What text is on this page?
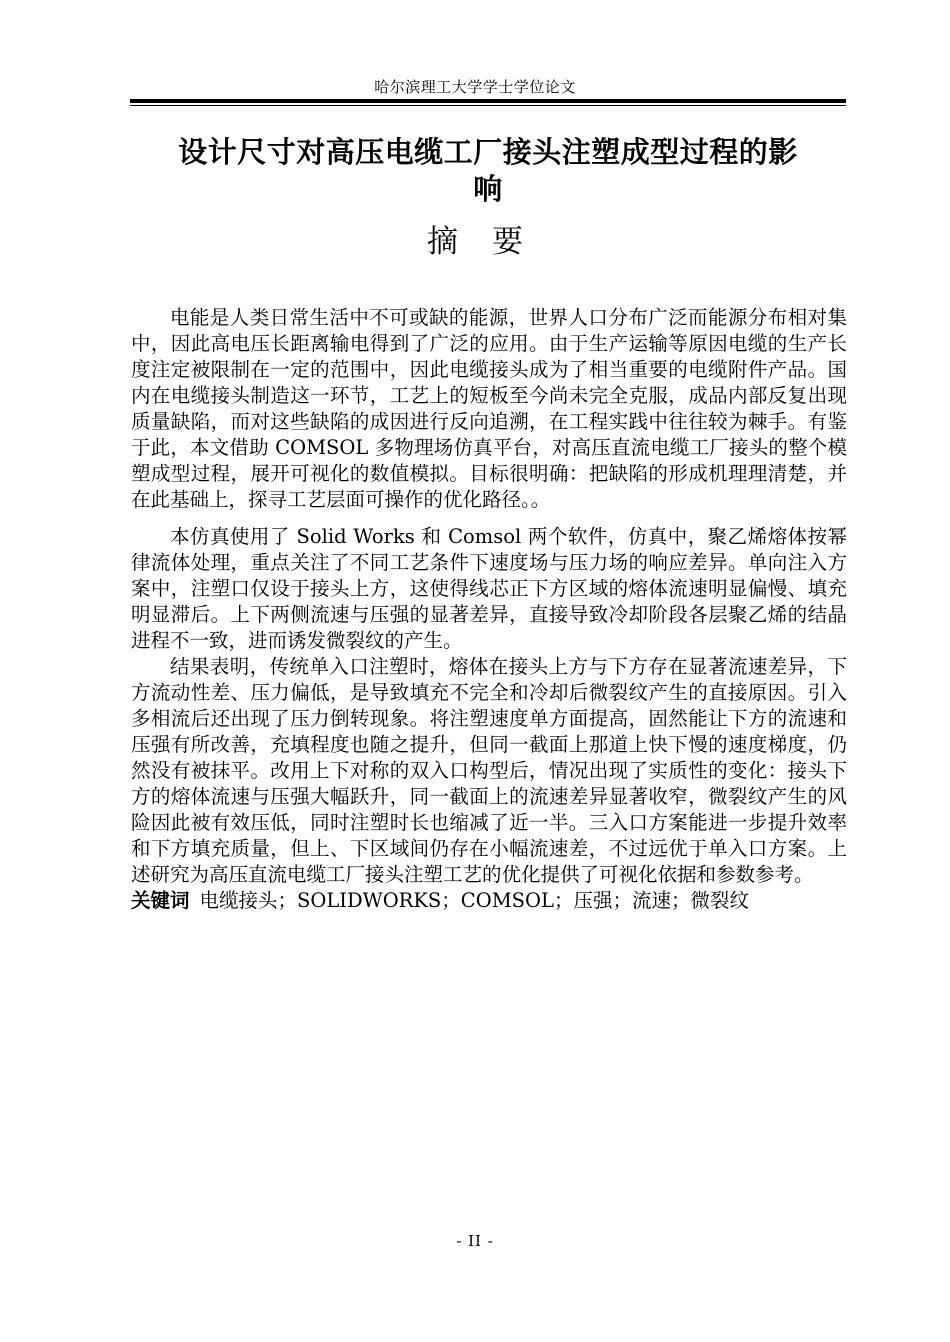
哈尔滨理工大学学士学位论文
设计尺寸对高压电缆工厂接头注塑成型过程的影
响
摘要

电能是人类日常生活中不可或缺的能源，世界人口分布广泛而能源分布相对集中，因此高电压长距离输电得到了广泛的应用。由于生产运输等原因电缆的生产长度注定被限制在一定的范围中，因此电缆接头成为了相当重要的电缆附件产品。国内在电缆接头制造这一环节，工艺上的短板至今尚未完全克服，成品内部反复出现质量缺陷，而对这些缺陷的成因进行反向追溯，在工程实践中往往较为棘手。有鉴于此，本文借助 COMSOL 多物理场仿真平台，对高压直流电缆工厂接头的整个模塑成型过程，展开可视化的数值模拟。目标很明确：把缺陷的形成机理理清楚，并在此基础上，探寻工艺层面可操作的优化路径。。

本仿真使用了 Solid Works 和 Comsol 两个软件，仿真中，聚乙烯熔体按幂律流体处理，重点关注了不同工艺条件下速度场与压力场的响应差异。单向注入方案中，注塑口仅设于接头上方，这使得线芯正下方区域的熔体流速明显偏慢、填充明显滞后。上下两侧流速与压强的显著差异，直接导致冷却阶段各层聚乙烯的结晶进程不一致，进而诱发微裂纹的产生。

结果表明，传统单入口注塑时，熔体在接头上方与下方存在显著流速差异，下方流动性差、压力偏低，是导致填充不完全和冷却后微裂纹产生的直接原因。引入多相流后还出现了压力倒转现象。将注塑速度单方面提高，固然能让下方的流速和压强有所改善，充填程度也随之提升，但同一截面上那道上快下慢的速度梯度，仍然没有被抹平。改用上下对称的双入口构型后，情况出现了实质性的变化：接头下方的熔体流速与压强大幅跃升，同一截面上的流速差异显著收窄，微裂纹产生的风险因此被有效压低，同时注塑时长也缩减了近一半。三入口方案能进一步提升效率和下方填充质量，但上、下区域间仍存在小幅流速差，不过远优于单入口方案。上述研究为高压直流电缆工厂接头注塑工艺的优化提供了可视化依据和参数参考。

关键词 电缆接头；SOLIDWORKS；COMSOL；压强；流速；微裂纹
- II -
